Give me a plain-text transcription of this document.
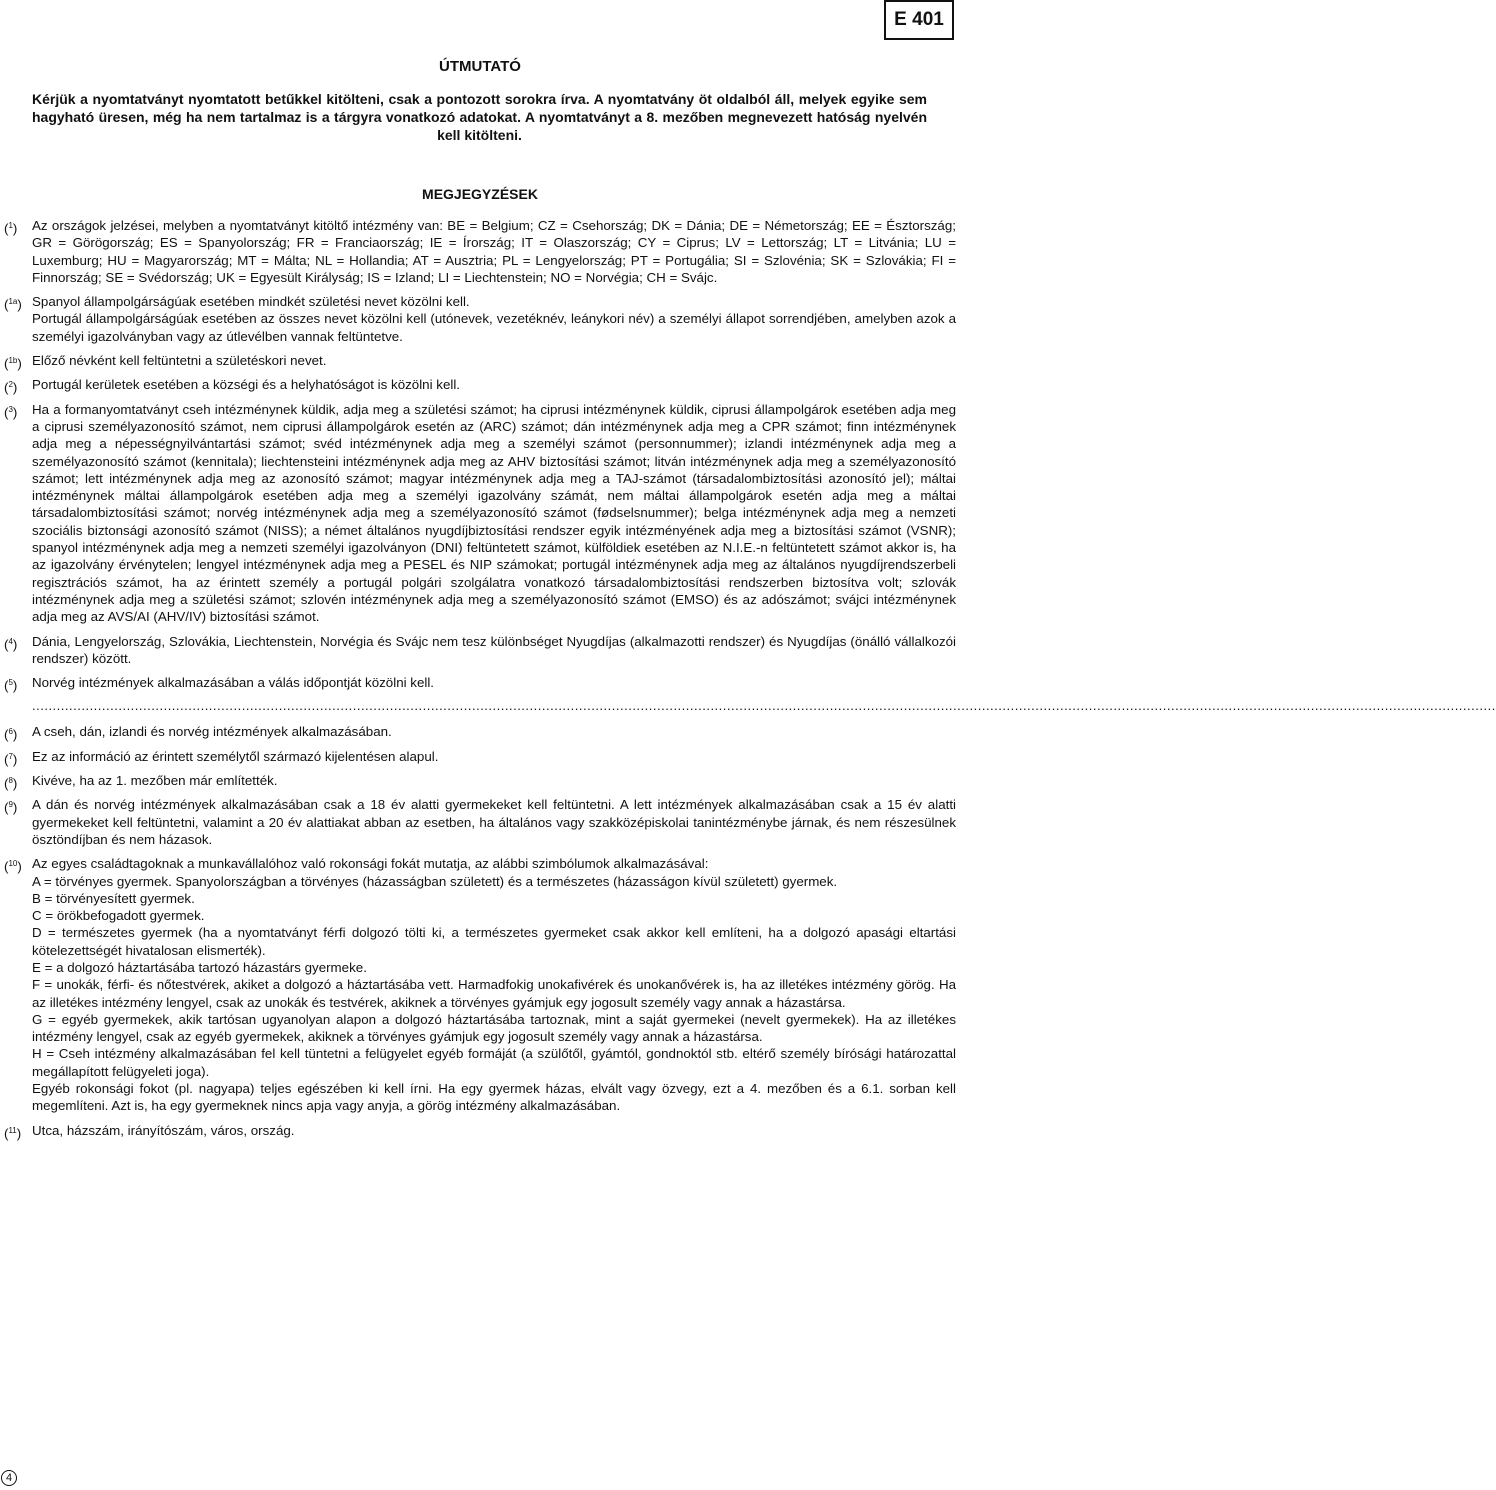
E 401
ÚTMUTATÓ
Kérjük a nyomtatványt nyomtatott betűkkel kitölteni, csak a pontozott sorokra írva. A nyomtatvány öt oldalból áll, melyek egyike sem hagyható üresen, még ha nem tartalmaz is a tárgyra vonatkozó adatokat. A nyomtatványt a 8. mezőben megnevezett hatóság nyelvén kell kitölteni.
MEGJEGYZÉSEK
($^1$) Az országok jelzései, melyben a nyomtatványt kitöltő intézmény van: BE = Belgium; CZ = Csehország; DK = Dánia; DE = Németország; EE = Észtország; GR = Görögország; ES = Spanyolország; FR = Franciaország; IE = Írország; IT = Olaszország; CY = Ciprus; LV = Lettország; LT = Litvánia; LU = Luxemburg; HU = Magyarország; MT = Málta; NL = Hollandia; AT = Ausztria; PL = Lengyelország; PT = Portugália; SI = Szlovénia; SK = Szlovákia; FI = Finnország; SE = Svédország; UK = Egyesült Királyság; IS = Izland; LI = Liechtenstein; NO = Norvégia; CH = Svájc.
($^{1a}$) Spanyol állampolgárságúak esetében mindkét születési nevet közölni kell.
Portugál állampolgárságúak esetében az összes nevet közölni kell (utónevek, vezetéknév, leánykori név) a személyi állapot sorrendjében, amelyben azok a személyi igazolványban vagy az útlevélben vannak feltüntetve.
($^{1b}$) Előző névként kell feltüntetni a születéskori nevet.
($^2$) Portugál kerületek esetében a községi és a helyhatóságot is közölni kell.
($^3$) Ha a formanyomtatványt cseh intézménynek küldik, adja meg a születési számot; ha ciprusi intézménynek küldik, ciprusi állampolgárok esetében adja meg a ciprusi személyazonosító számot, nem ciprusi állampolgárok esetén az (ARC) számot; dán intézménynek adja meg a CPR számot; finn intézménynek adja meg a népességnyilvántartási számot; svéd intézménynek adja meg a személyi számot (personnummer); izlandi intézménynek adja meg a személyazonosító számot (kennitala); liechtensteini intézménynek adja meg az AHV biztosítási számot; litván intézménynek adja meg a személyazonosító számot; lett intézménynek adja meg az azonosító számot; magyar intézménynek adja meg a TAJ-számot (társadalombiztosítási azonosító jel); máltai intézménynek máltai állampolgárok esetében adja meg a személyi igazolvány számát, nem máltai állampolgárok esetén adja meg a máltai társadalombiztosítási számot; norvég intézménynek adja meg a személyazonosító számot (fødselsnummer); belga intézménynek adja meg a nemzeti szociális biztonsági azonosító számot (NISS); a német általános nyugdíjbiztosítási rendszer egyik intézményének adja meg a biztosítási számot (VSNR); spanyol intézménynek adja meg a nemzeti személyi igazolványon (DNI) feltüntetett számot, külföldiek esetében az N.I.E.-n feltüntetett számot akkor is, ha az igazolvány érvénytelen; lengyel intézménynek adja meg a PESEL és NIP számokat; portugál intézménynek adja meg az általános nyugdíjrendszerbeli regisztrációs számot, ha az érintett személy a portugál polgári szolgálatra vonatkozó társadalombiztosítási rendszerben biztosítva volt; szlovák intézménynek adja meg a születési számot; szlovén intézménynek adja meg a személyazonosító számot (EMSO) és az adószámot; svájci intézménynek adja meg az AVS/AI (AHV/IV) biztosítási számot.
($^4$) Dánia, Lengyelország, Szlovákia, Liechtenstein, Norvégia és Svájc nem tesz különbséget Nyugdíjas (alkalmazotti rendszer) és Nyugdíjas (önálló vállalkozói rendszer) között.
($^5$) Norvég intézmények alkalmazásában a válás időpontját közölni kell.
....................................................................................................................................................................................................................................................................................................................................................................
($^6$) A cseh, dán, izlandi és norvég intézmények alkalmazásában.
($^7$) Ez az információ az érintett személytől származó kijelentésen alapul.
($^8$) Kivéve, ha az 1. mezőben már említették.
($^9$) A dán és norvég intézmények alkalmazásában csak a 18 év alatti gyermekeket kell feltüntetni. A lett intézmények alkalmazásában csak a 15 év alatti gyermekeket kell feltüntetni, valamint a 20 év alattiakat abban az esetben, ha általános vagy szakközépiskolai tanintézménybe járnak, és nem részesülnek ösztöndíjban és nem házasok.
($^{10}$) Az egyes családtagoknak a munkavállalóhoz való rokonsági fokát mutatja, az alábbi szimbólumok alkalmazásával:
A = törvényes gyermek. Spanyolországban a törvényes (házasságban született) és a természetes (házasságon kívül született) gyermek.
B = törvényesített gyermek.
C = örökbefogadott gyermek.
D = természetes gyermek (ha a nyomtatványt férfi dolgozó tölti ki, a természetes gyermeket csak akkor kell említeni, ha a dolgozó apasági eltartási kötelezettségét hivatalosan elismerték).
E = a dolgozó háztartásába tartozó házastárs gyermeke.
F = unokák, férfi- és nőtestvérek, akiket a dolgozó a háztartásába vett. Harmadfokig unokafivérek és unokanővérek is, ha az illetékes intézmény görög. Ha az illetékes intézmény lengyel, csak az unokák és testvérek, akiknek a törvényes gyámjuk egy jogosult személy vagy annak a házastársa.
G = egyéb gyermekek, akik tartósan ugyanolyan alapon a dolgozó háztartásába tartoznak, mint a saját gyermekei (nevelt gyermekek). Ha az illetékes intézmény lengyel, csak az egyéb gyermekek, akiknek a törvényes gyámjuk egy jogosult személy vagy annak a házastársa.
H = Cseh intézmény alkalmazásában fel kell tüntetni a felügyelet egyéb formáját (a szülőtől, gyámtól, gondnoktól stb. eltérő személy bírósági határozattal megállapított felügyeleti joga).
Egyéb rokonsági fokot (pl. nagyapa) teljes egészében ki kell írni. Ha egy gyermek házas, elvált vagy özvegy, ezt a 4. mezőben és a 6.1. sorban kell megemlíteni. Azt is, ha egy gyermeknek nincs apja vagy anyja, a görög intézmény alkalmazásában.
($^{11}$) Utca, házszám, irányítószám, város, ország.
4
